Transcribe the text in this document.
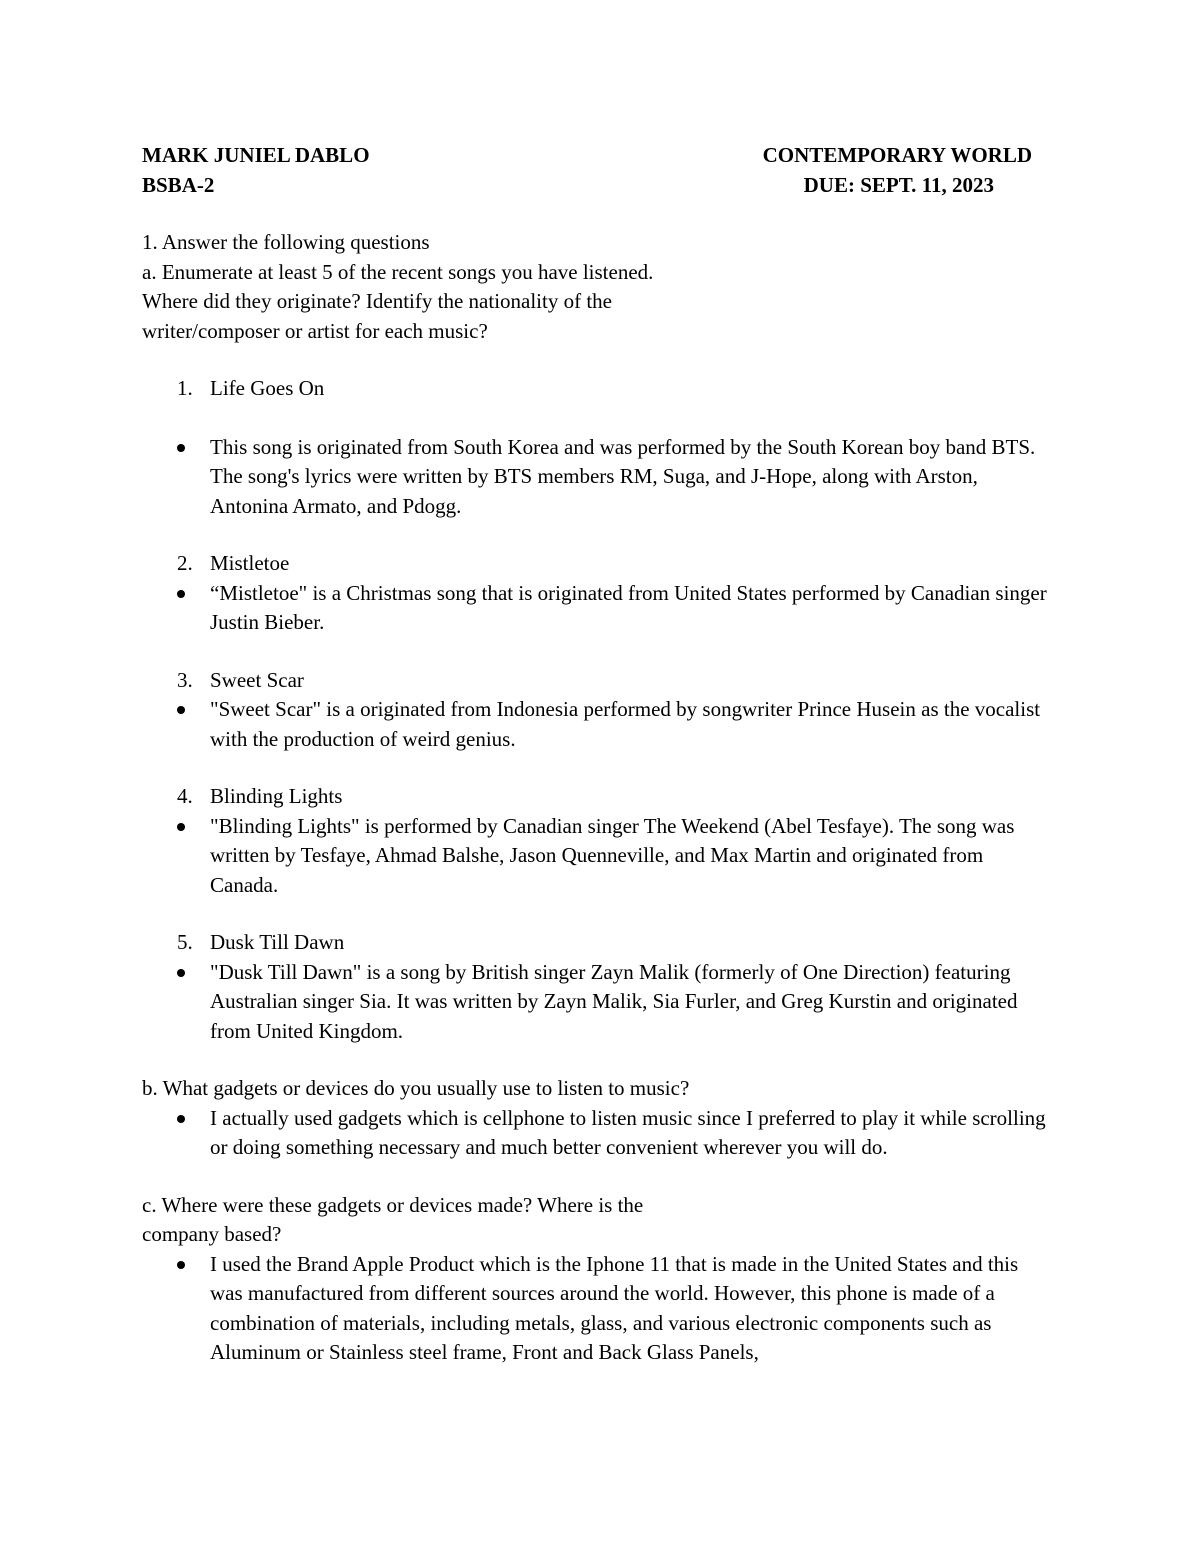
MARK JUNIEL DABLO	CONTEMPORARY WORLD
BSBA-2	DUE: SEPT. 11, 2023

1. Answer the following questions

a. Enumerate at least 5 of the recent songs you have listened.

Where did they originate? Identify the nationality of the

writer/composer or artist for each music?

1. Life Goes On
This song is originated from South Korea and was performed by the South Korean boy band BTS. The song's lyrics were written by BTS members RM, Suga, and J-Hope, along with Arston, Antonina Armato, and Pdogg.
2. Mistletoe
“Mistletoe" is a Christmas song that is originated from United States performed by Canadian singer Justin Bieber.
3. Sweet Scar
"Sweet Scar" is a originated from Indonesia performed by songwriter Prince Husein as the vocalist with the production of weird genius.
4. Blinding Lights
"Blinding Lights" is performed by Canadian singer The Weekend (Abel Tesfaye). The song was written by Tesfaye, Ahmad Balshe, Jason Quenneville, and Max Martin and originated from Canada.
5. Dusk Till Dawn
"Dusk Till Dawn" is a song by British singer Zayn Malik (formerly of One Direction) featuring Australian singer Sia. It was written by Zayn Malik, Sia Furler, and Greg Kurstin and originated from United Kingdom.

b. What gadgets or devices do you usually use to listen to music?

I actually used gadgets which is cellphone to listen music since I preferred to play it while scrolling or doing something necessary and much better convenient wherever you will do.

c. Where were these gadgets or devices made? Where is the

company based?

I used the Brand Apple Product which is the Iphone 11 that is made in the United States and this was manufactured from different sources around the world. However, this phone is made of a combination of materials, including metals, glass, and various electronic components such as Aluminum or Stainless steel frame, Front and Back Glass Panels,
